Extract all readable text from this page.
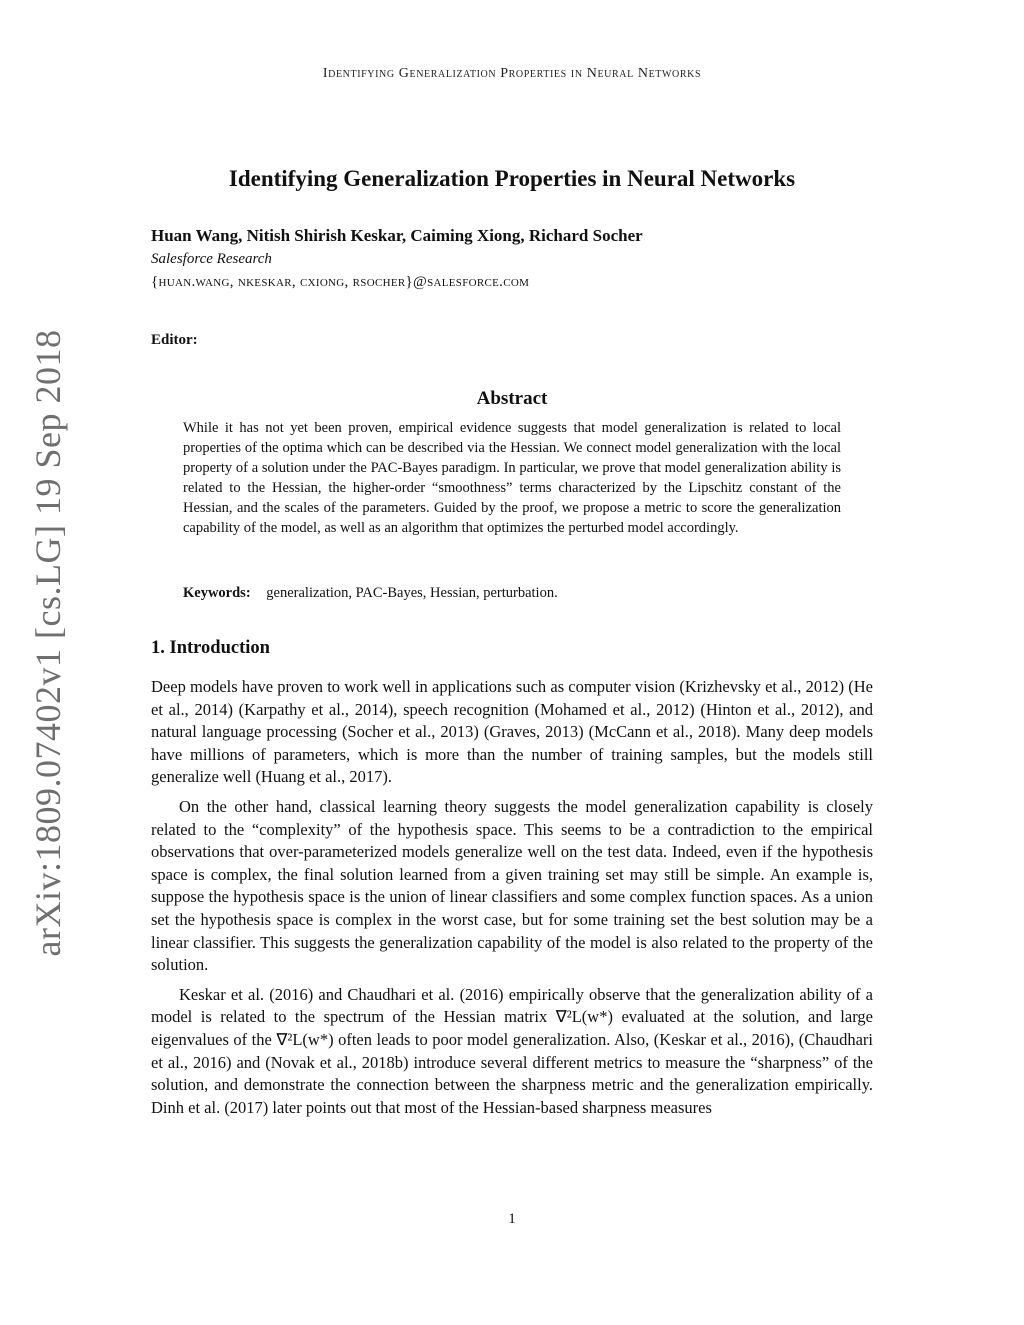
Identifying Generalization Properties in Neural Networks
arXiv:1809.07402v1 [cs.LG] 19 Sep 2018
Identifying Generalization Properties in Neural Networks
Huan Wang, Nitish Shirish Keskar, Caiming Xiong, Richard Socher
Salesforce Research
{huan.wang, nkeskar, cxiong, rsocher}@salesforce.com
Editor:
Abstract

While it has not yet been proven, empirical evidence suggests that model generalization is related to local properties of the optima which can be described via the Hessian. We connect model generalization with the local property of a solution under the PAC-Bayes paradigm. In particular, we prove that model generalization ability is related to the Hessian, the higher-order “smoothness” terms characterized by the Lipschitz constant of the Hessian, and the scales of the parameters. Guided by the proof, we propose a metric to score the generalization capability of the model, as well as an algorithm that optimizes the perturbed model accordingly.

Keywords: generalization, PAC-Bayes, Hessian, perturbation.
1. Introduction

Deep models have proven to work well in applications such as computer vision (Krizhevsky et al., 2012) (He et al., 2014) (Karpathy et al., 2014), speech recognition (Mohamed et al., 2012) (Hinton et al., 2012), and natural language processing (Socher et al., 2013) (Graves, 2013) (McCann et al., 2018). Many deep models have millions of parameters, which is more than the number of training samples, but the models still generalize well (Huang et al., 2017).

On the other hand, classical learning theory suggests the model generalization capability is closely related to the “complexity” of the hypothesis space. This seems to be a contradiction to the empirical observations that over-parameterized models generalize well on the test data. Indeed, even if the hypothesis space is complex, the final solution learned from a given training set may still be simple. An example is, suppose the hypothesis space is the union of linear classifiers and some complex function spaces. As a union set the hypothesis space is complex in the worst case, but for some training set the best solution may be a linear classifier. This suggests the generalization capability of the model is also related to the property of the solution.

Keskar et al. (2016) and Chaudhari et al. (2016) empirically observe that the generalization ability of a model is related to the spectrum of the Hessian matrix ∇²L(w*) evaluated at the solution, and large eigenvalues of the ∇²L(w*) often leads to poor model generalization. Also, (Keskar et al., 2016), (Chaudhari et al., 2016) and (Novak et al., 2018b) introduce several different metrics to measure the “sharpness” of the solution, and demonstrate the connection between the sharpness metric and the generalization empirically. Dinh et al. (2017) later points out that most of the Hessian-based sharpness measures

1
